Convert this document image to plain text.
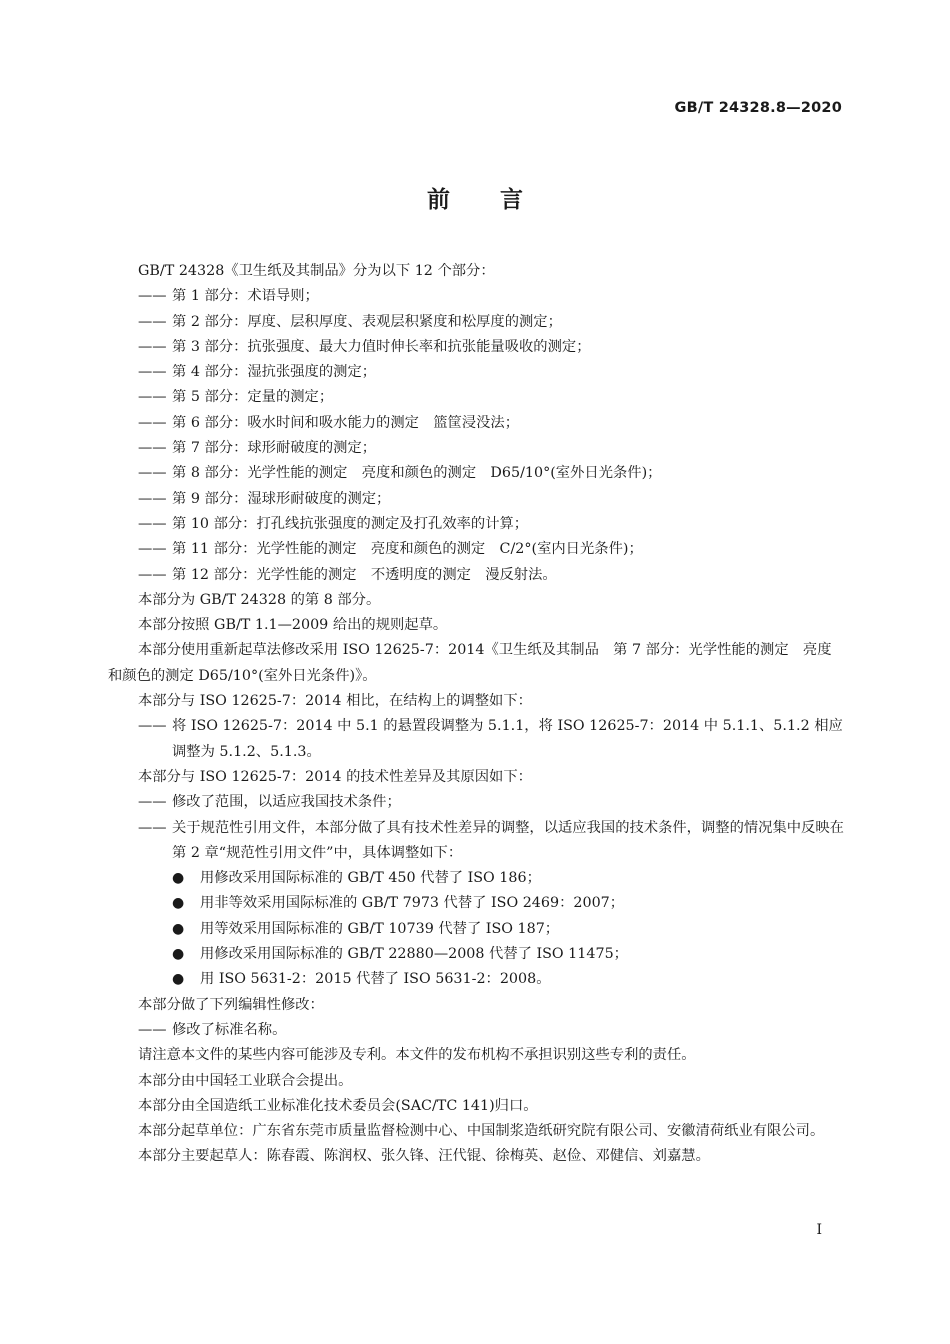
GB/T 24328.8—2020
前言

GB/T 24328《卫生纸及其制品》分为以下 12 个部分：

—— 第 1 部分：术语导则；

—— 第 2 部分：厚度、层积厚度、表观层积紧度和松厚度的测定；

—— 第 3 部分：抗张强度、最大力值时伸长率和抗张能量吸收的测定；

—— 第 4 部分：湿抗张强度的测定；

—— 第 5 部分：定量的测定；

—— 第 6 部分：吸水时间和吸水能力的测定　篮筐浸没法；

—— 第 7 部分：球形耐破度的测定；

—— 第 8 部分：光学性能的测定　亮度和颜色的测定　D65/10°(室外日光条件)；

—— 第 9 部分：湿球形耐破度的测定；

—— 第 10 部分：打孔线抗张强度的测定及打孔效率的计算；

—— 第 11 部分：光学性能的测定　亮度和颜色的测定　C/2°(室内日光条件)；

—— 第 12 部分：光学性能的测定　不透明度的测定　漫反射法。

本部分为 GB/T 24328 的第 8 部分。

本部分按照 GB/T 1.1—2009 给出的规则起草。

本部分使用重新起草法修改采用 ISO 12625-7：2014《卫生纸及其制品　第 7 部分：光学性能的测定　亮度和颜色的测定 D65/10°(室外日光条件)》。

本部分与 ISO 12625-7：2014 相比，在结构上的调整如下：

—— 将 ISO 12625-7：2014 中 5.1 的悬置段调整为 5.1.1，将 ISO 12625-7：2014 中 5.1.1、5.1.2 相应调整为 5.1.2、5.1.3。

本部分与 ISO 12625-7：2014 的技术性差异及其原因如下：

—— 修改了范围，以适应我国技术条件；

—— 关于规范性引用文件，本部分做了具有技术性差异的调整，以适应我国的技术条件，调整的情况集中反映在第 2 章“规范性引用文件”中，具体调整如下：

● 用修改采用国际标准的 GB/T 450 代替了 ISO 186；

● 用非等效采用国际标准的 GB/T 7973 代替了 ISO 2469：2007；

● 用等效采用国际标准的 GB/T 10739 代替了 ISO 187；

● 用修改采用国际标准的 GB/T 22880—2008 代替了 ISO 11475；

● 用 ISO 5631-2：2015 代替了 ISO 5631-2：2008。

本部分做了下列编辑性修改：

—— 修改了标准名称。

请注意本文件的某些内容可能涉及专利。本文件的发布机构不承担识别这些专利的责任。

本部分由中国轻工业联合会提出。

本部分由全国造纸工业标准化技术委员会(SAC/TC 141)归口。

本部分起草单位：广东省东莞市质量监督检测中心、中国制浆造纸研究院有限公司、安徽清荷纸业有限公司。

本部分主要起草人：陈春霞、陈润权、张久锋、汪代锟、徐梅英、赵俭、邓健信、刘嘉慧。

I
